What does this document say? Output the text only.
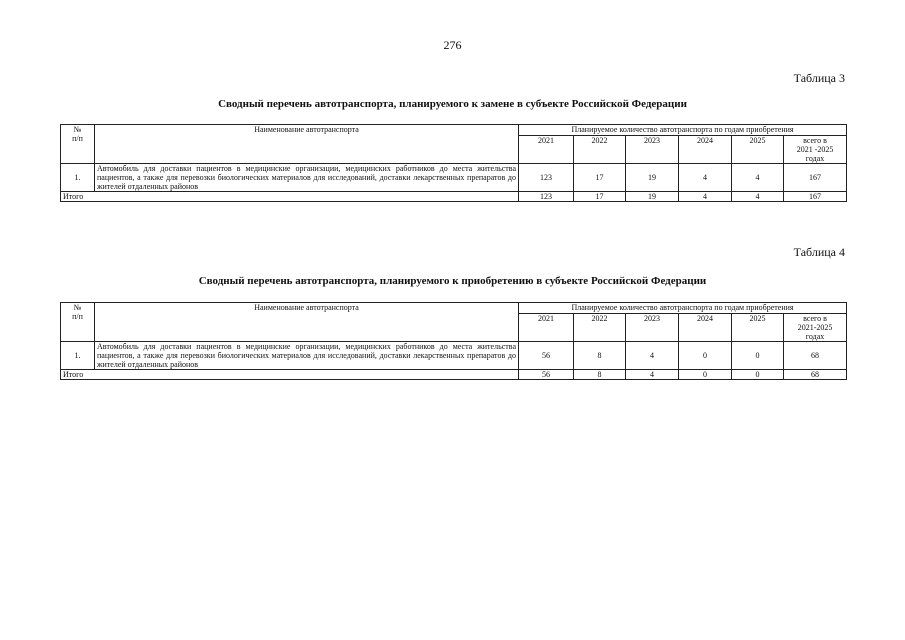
276
Таблица 3
Сводный перечень автотранспорта, планируемого к замене в субъекте Российской Федерации
№
п/п	Наименование автотранспорта	Планируемое количество автотранспорта по годам приобретения					
		2021	2022	2023	2024	2025	всего в
2021 -2025
годах

1.	Автомобиль для доставки пациентов в медицинские организации, медицинских работников до места жительства пациентов, а также для перевозки биологических материалов для исследований, доставки лекарственных препаратов до жителей отдаленных районов	123	17	19	4	4	167
Итого		123	17	19	4	4	167
Таблица 4
Сводный перечень автотранспорта, планируемого к приобретению в субъекте Российской Федерации
№
п/п	Наименование автотранспорта	Планируемое количество автотранспорта по годам приобретения					
		2021	2022	2023	2024	2025	всего в
2021-2025
годах

1.	Автомобиль для доставки пациентов в медицинские организации, медицинских работников до места жительства пациентов, а также для перевозки биологических материалов для исследований, доставки лекарственных препаратов до жителей отдаленных районов	56	8	4	0	0	68
Итого		56	8	4	0	0	68
